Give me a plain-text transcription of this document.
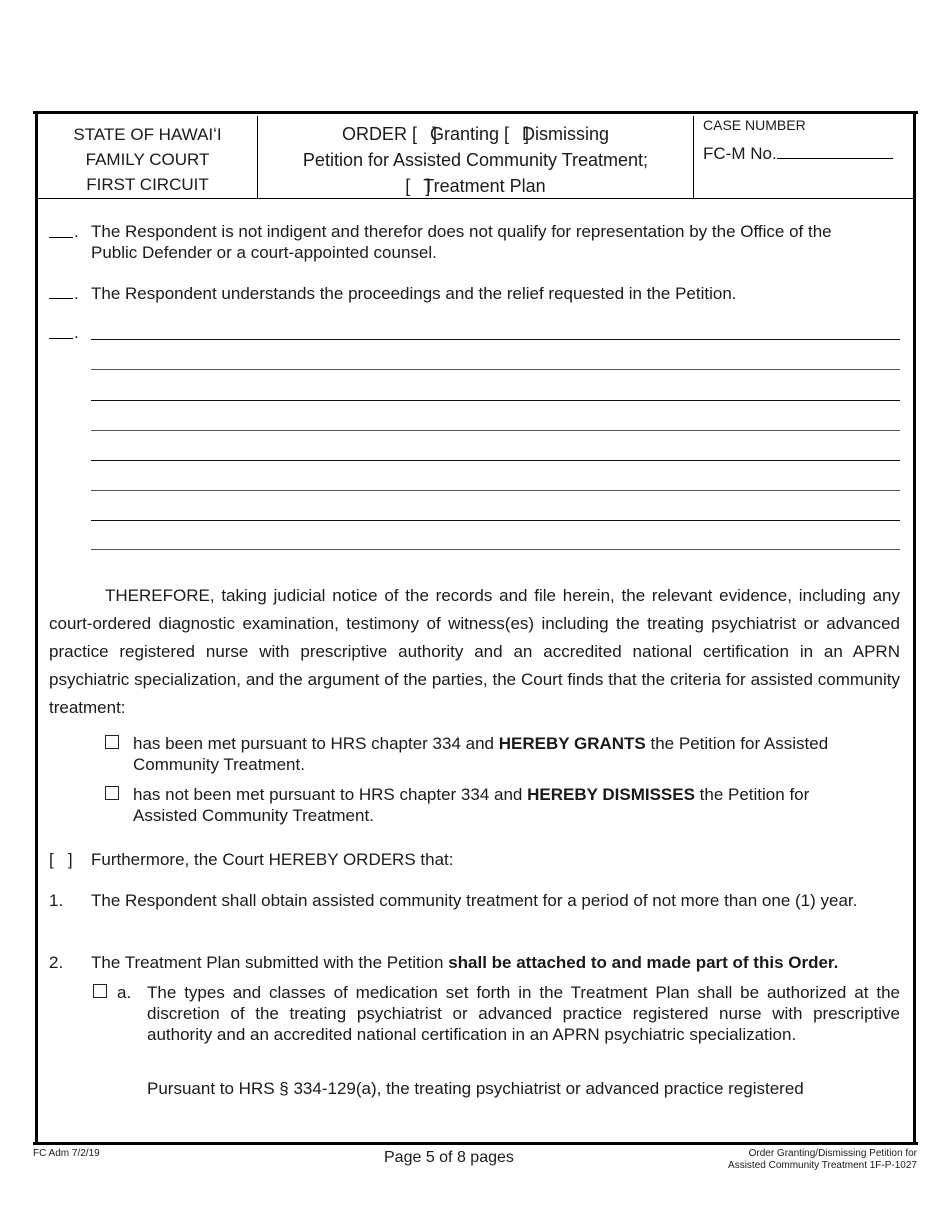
STATE OF HAWAIʻI
FAMILY COURT
FIRST CIRCUIT
ORDER [   ]Granting [   ]Dismissing
Petition for Assisted Community Treatment;
[   ]Treatment Plan
CASE NUMBER
FC-M No.
. The Respondent is not indigent and therefor does not qualify for representation by the Office of the
Public Defender or a court-appointed counsel.
. The Respondent understands the proceedings and the relief requested in the Petition.
.
THEREFORE, taking judicial notice of the records and file herein, the relevant evidence, including any court-ordered diagnostic examination, testimony of witness(es) including the treating psychiatrist or advanced practice registered nurse with prescriptive authority and an accredited national certification in an APRN psychiatric specialization, and the argument of the parties, the Court finds that the criteria for assisted community treatment:
has been met pursuant to HRS chapter 334 and HEREBY GRANTS the Petition for Assisted
Community Treatment.
has not been met pursuant to HRS chapter 334 and HEREBY DISMISSES the Petition for
Assisted Community Treatment.
[   ] Furthermore, the Court HEREBY ORDERS that:
1. The Respondent shall obtain assisted community treatment for a period of not more than one (1) year.
2. The Treatment Plan submitted with the Petition shall be attached to and made part of this Order.
a. The types and classes of medication set forth in the Treatment Plan shall be authorized at the discretion of the treating psychiatrist or advanced practice registered nurse with prescriptive authority and an accredited national certification in an APRN psychiatric specialization.
Pursuant to HRS § 334-129(a), the treating psychiatrist or advanced practice registered
FC Adm 7/2/19	Page 5 of 8 pages	Order Granting/Dismissing Petition for
Assisted Community Treatment 1F-P-1027
